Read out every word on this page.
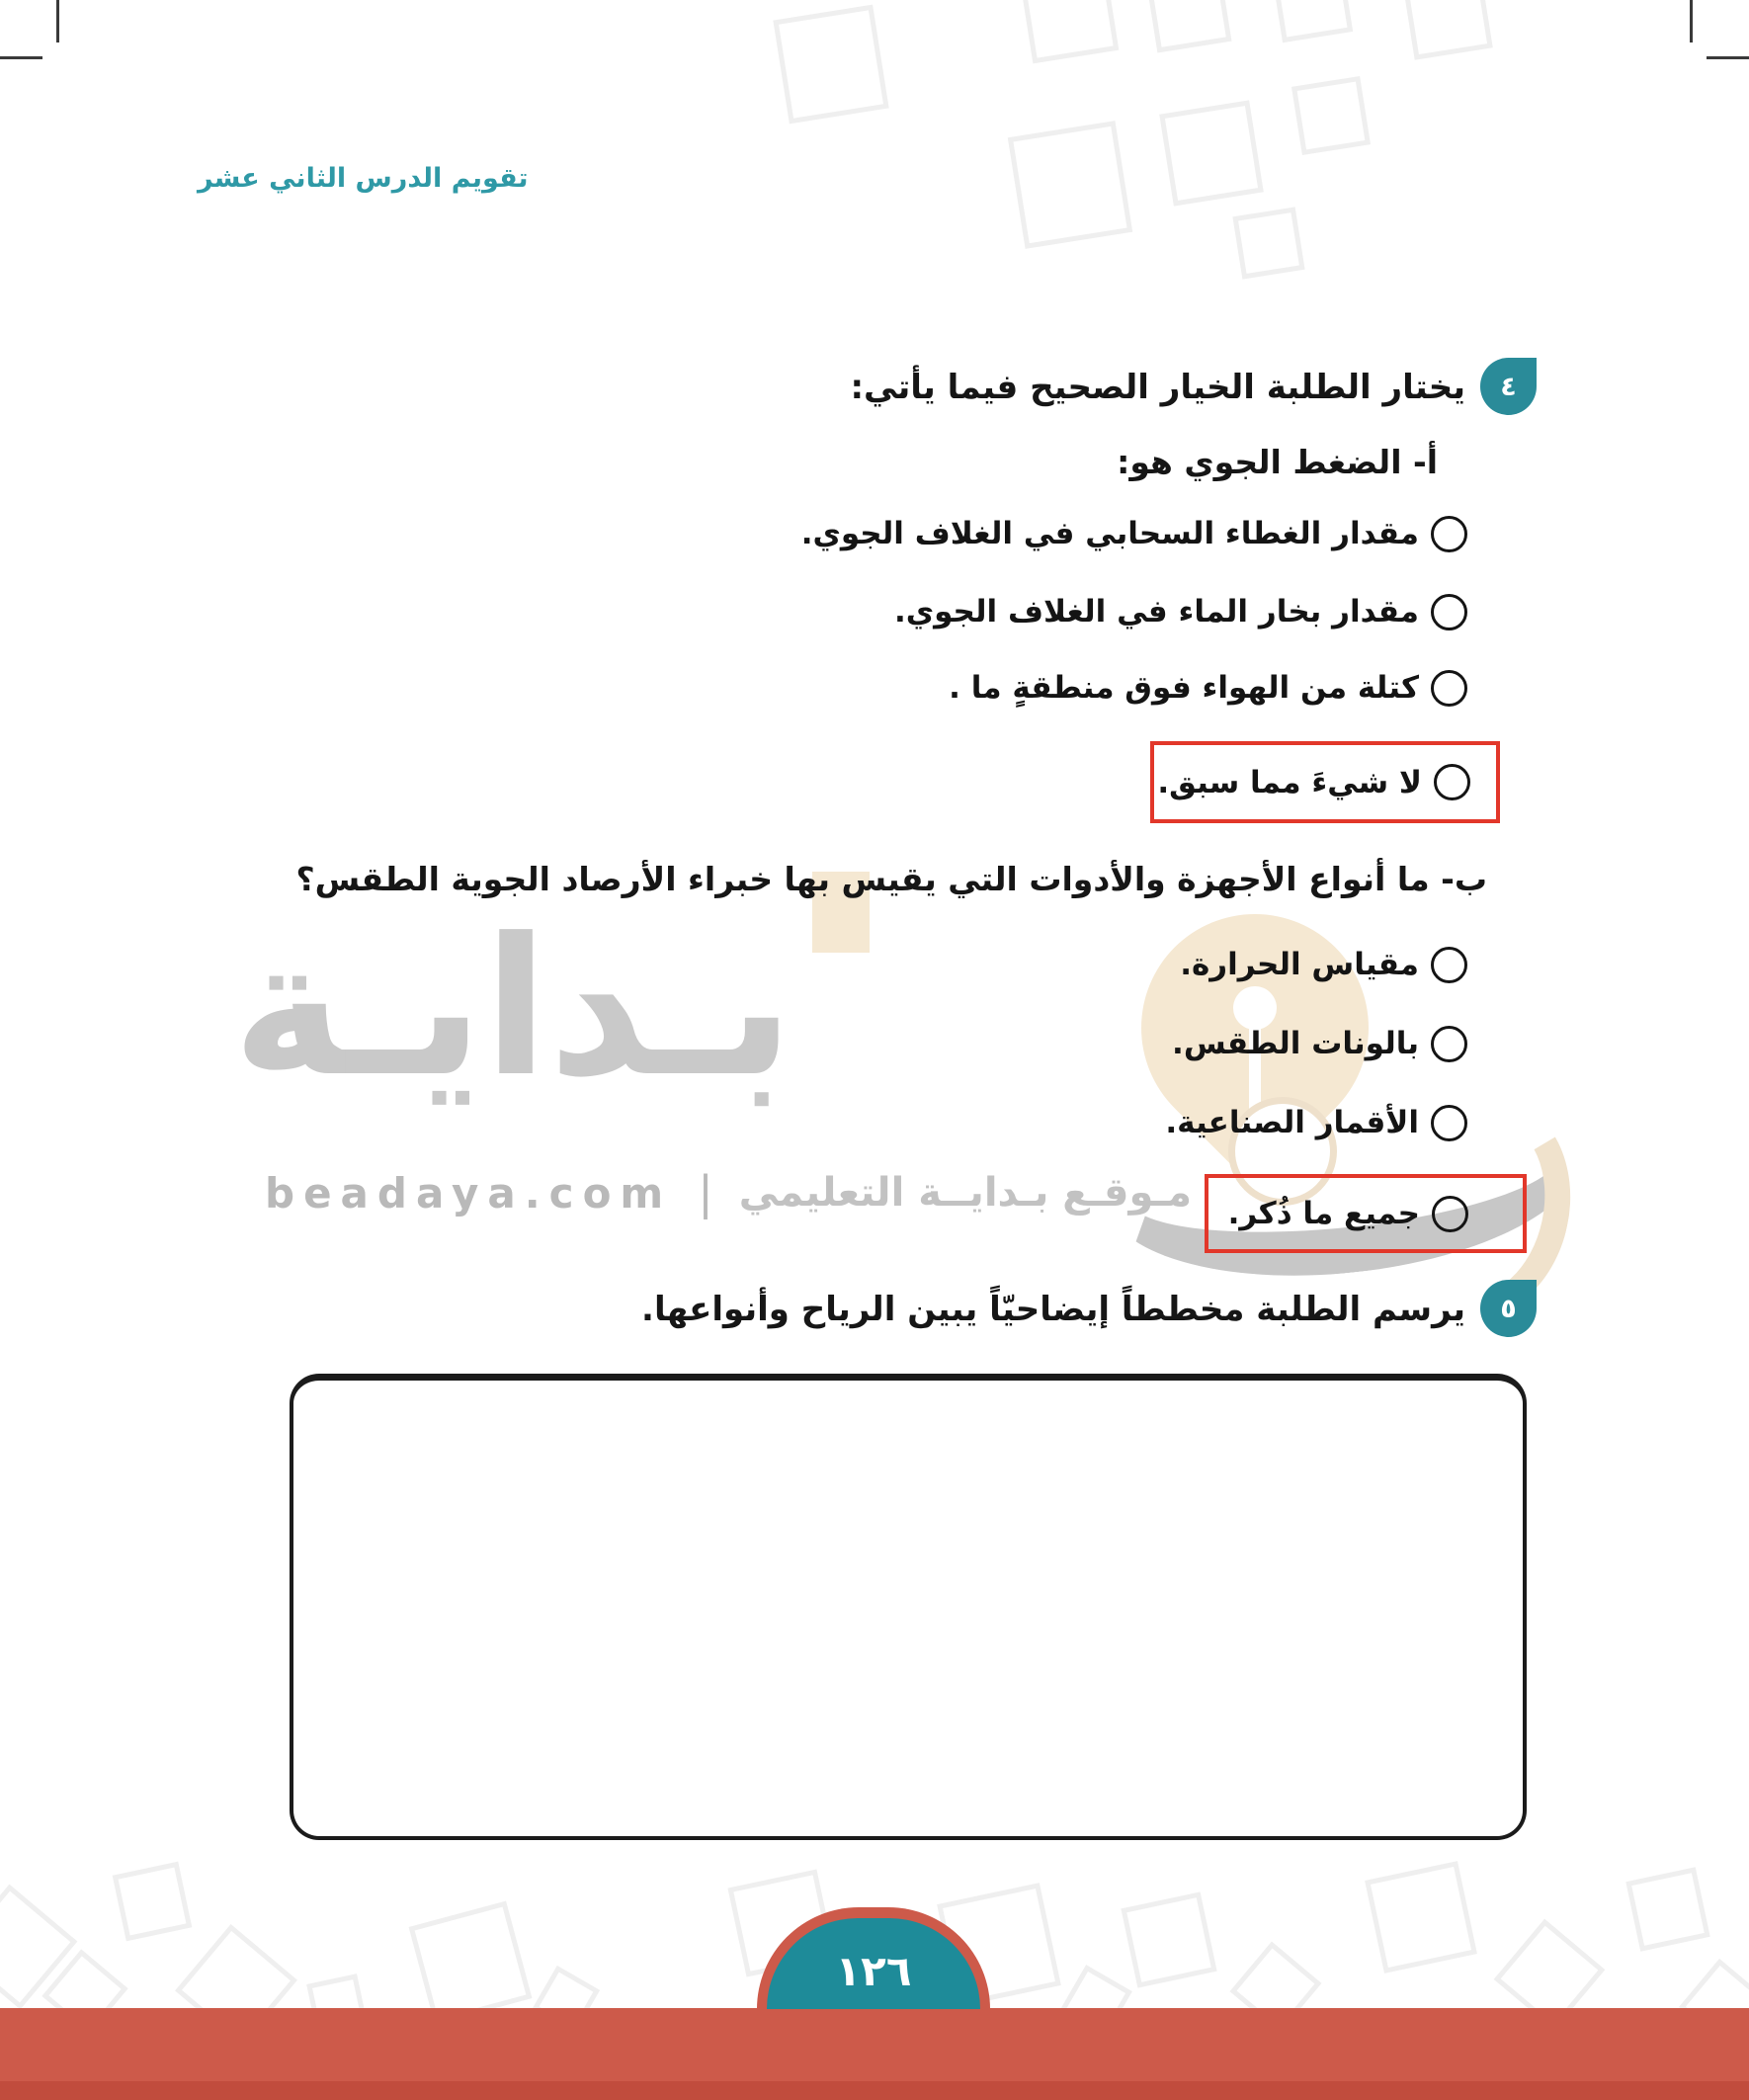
بـدايـة
beadaya.com | مـوقـع بـدايــة التعليمي
تقويم الدرس الثاني عشر
٤
يختار الطلبة الخيار الصحيح فيما يأتي:
أ- الضغط الجوي هو:
مقدار الغطاء السحابي في الغلاف الجوي.
مقدار بخار الماء في الغلاف الجوي.
كتلة من الهواء فوق منطقةٍ ما .
لا شيءَ مما سبق.
ب- ما أنواع الأجهزة والأدوات التي يقيس بها خبراء الأرصاد الجوية الطقس؟
مقياس الحرارة.
بالونات الطقس.
الأقمار الصناعية.
جميع ما ذُكر.
٥
يرسم الطلبة مخططاً إيضاحيّاً يبين الرياح وأنواعها.
١٢٦
